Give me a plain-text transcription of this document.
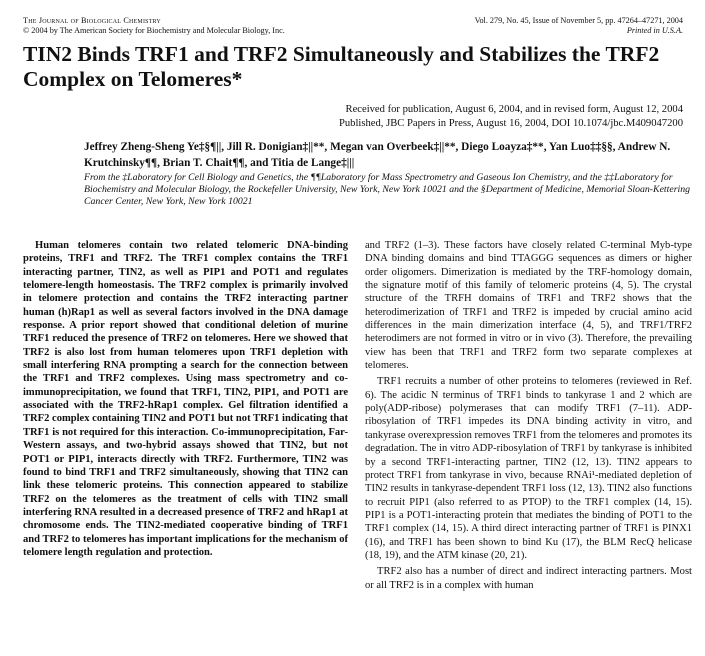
The Journal of Biological Chemistry
© 2004 by The American Society for Biochemistry and Molecular Biology, Inc.
Vol. 279, No. 45, Issue of November 5, pp. 47264–47271, 2004
Printed in U.S.A.
TIN2 Binds TRF1 and TRF2 Simultaneously and Stabilizes the TRF2 Complex on Telomeres*
Received for publication, August 6, 2004, and in revised form, August 12, 2004
Published, JBC Papers in Press, August 16, 2004, DOI 10.1074/jbc.M409047200
Jeffrey Zheng-Sheng Ye‡§¶||, Jill R. Donigian‡||**, Megan van Overbeek‡||**, Diego Loayza‡**, Yan Luo‡‡§§, Andrew N. Krutchinsky¶¶, Brian T. Chait¶¶, and Titia de Lange‡|||
From the ‡Laboratory for Cell Biology and Genetics, the ¶¶Laboratory for Mass Spectrometry and Gaseous Ion Chemistry, and the ‡‡Laboratory for Biochemistry and Molecular Biology, the Rockefeller University, New York, New York 10021 and the §Department of Medicine, Memorial Sloan-Kettering Cancer Center, New York, New York 10021

Human telomeres contain two related telomeric DNA-binding proteins, TRF1 and TRF2. The TRF1 complex contains the TRF1 interacting partner, TIN2, as well as PIP1 and POT1 and regulates telomere-length homeostasis. The TRF2 complex is primarily involved in telomere protection and contains the TRF2 interacting partner human (h)Rap1 as well as several factors involved in the DNA damage response. A prior report showed that conditional deletion of murine TRF1 reduced the presence of TRF2 on telomeres. Here we showed that TRF2 is also lost from human telomeres upon TRF1 depletion with small interfering RNA prompting a search for the connection between the TRF1 and TRF2 complexes. Using mass spectrometry and co-immunoprecipitation, we found that TRF1, TIN2, PIP1, and POT1 are associated with the TRF2-hRap1 complex. Gel filtration identified a TRF2 complex containing TIN2 and POT1 but not TRF1 indicating that TRF1 is not required for this interaction. Co-immunoprecipitation, Far-Western assays, and two-hybrid assays showed that TIN2, but not POT1 or PIP1, interacts directly with TRF2. Furthermore, TIN2 was found to bind TRF1 and TRF2 simultaneously, showing that TIN2 can link these telomeric proteins. This connection appeared to stabilize TRF2 on the telomeres as the treatment of cells with TIN2 small interfering RNA resulted in a decreased presence of TRF2 and hRap1 at chromosome ends. The TIN2-mediated cooperative binding of TRF1 and TRF2 to telomeres has important implications for the mechanism of telomere length regulation and protection.

and TRF2 (1–3). These factors have closely related C-terminal Myb-type DNA binding domains and bind TTAGGG sequences as dimers or higher order oligomers. Dimerization is mediated by the TRF-homology domain, the signature motif of this family of telomeric proteins (4, 5). The crystal structure of the TRFH domains of TRF1 and TRF2 shows that the heterodimerization of TRF1 and TRF2 is impeded by crucial amino acid differences in the main dimerization interface (4, 5), and TRF1/TRF2 heterodimers are not formed in vitro or in vivo (3). Therefore, the prevailing view has been that TRF1 and TRF2 form two separate complexes at telomeres.

TRF1 recruits a number of other proteins to telomeres (reviewed in Ref. 6). The acidic N terminus of TRF1 binds to tankyrase 1 and 2 which are poly(ADP-ribose) polymerases that can modify TRF1 (7–11). ADP-ribosylation of TRF1 impedes its DNA binding activity in vitro, and tankyrase overexpression removes TRF1 from the telomeres and promotes its degradation. The in vitro ADP-ribosylation of TRF1 by tankyrase is inhibited by a second TRF1-interacting partner, TIN2 (12, 13). TIN2 appears to protect TRF1 from tankyrase in vivo, because RNAi¹-mediated depletion of TIN2 results in tankyrase-dependent TRF1 loss (12, 13). TIN2 also functions to recruit PIP1 (also referred to as PTOP) to the TRF1 complex (14, 15). PIP1 is a POT1-interacting protein that mediates the binding of POT1 to the TRF1 complex (14, 15). A third direct interacting partner of TRF1 is PINX1 (16), and TRF1 has been shown to bind Ku (17), the BLM RecQ helicase (18, 19), and the ATM kinase (20, 21).

TRF2 also has a number of direct and indirect interacting partners. Most or all TRF2 is in a complex with human
